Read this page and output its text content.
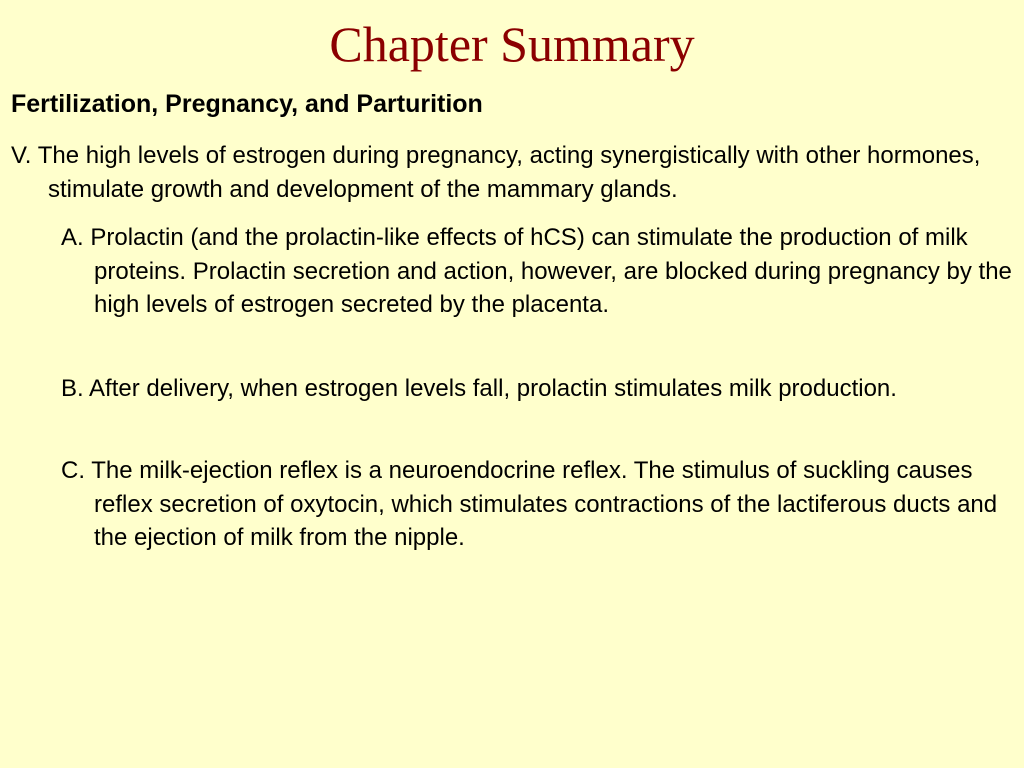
Chapter Summary
Fertilization, Pregnancy, and Parturition

V. The high levels of estrogen during pregnancy, acting synergistically with other hormones, stimulate growth and development of the mammary glands.

A. Prolactin (and the prolactin-like effects of hCS) can stimulate the production of milk proteins. Prolactin secretion and action, however, are blocked during pregnancy by the high levels of estrogen secreted by the placenta.

B. After delivery, when estrogen levels fall, prolactin stimulates milk production.

C. The milk-ejection reflex is a neuroendocrine reflex. The stimulus of suckling causes reflex secretion of oxytocin, which stimulates contractions of the lactiferous ducts and the ejection of milk from the nipple.
